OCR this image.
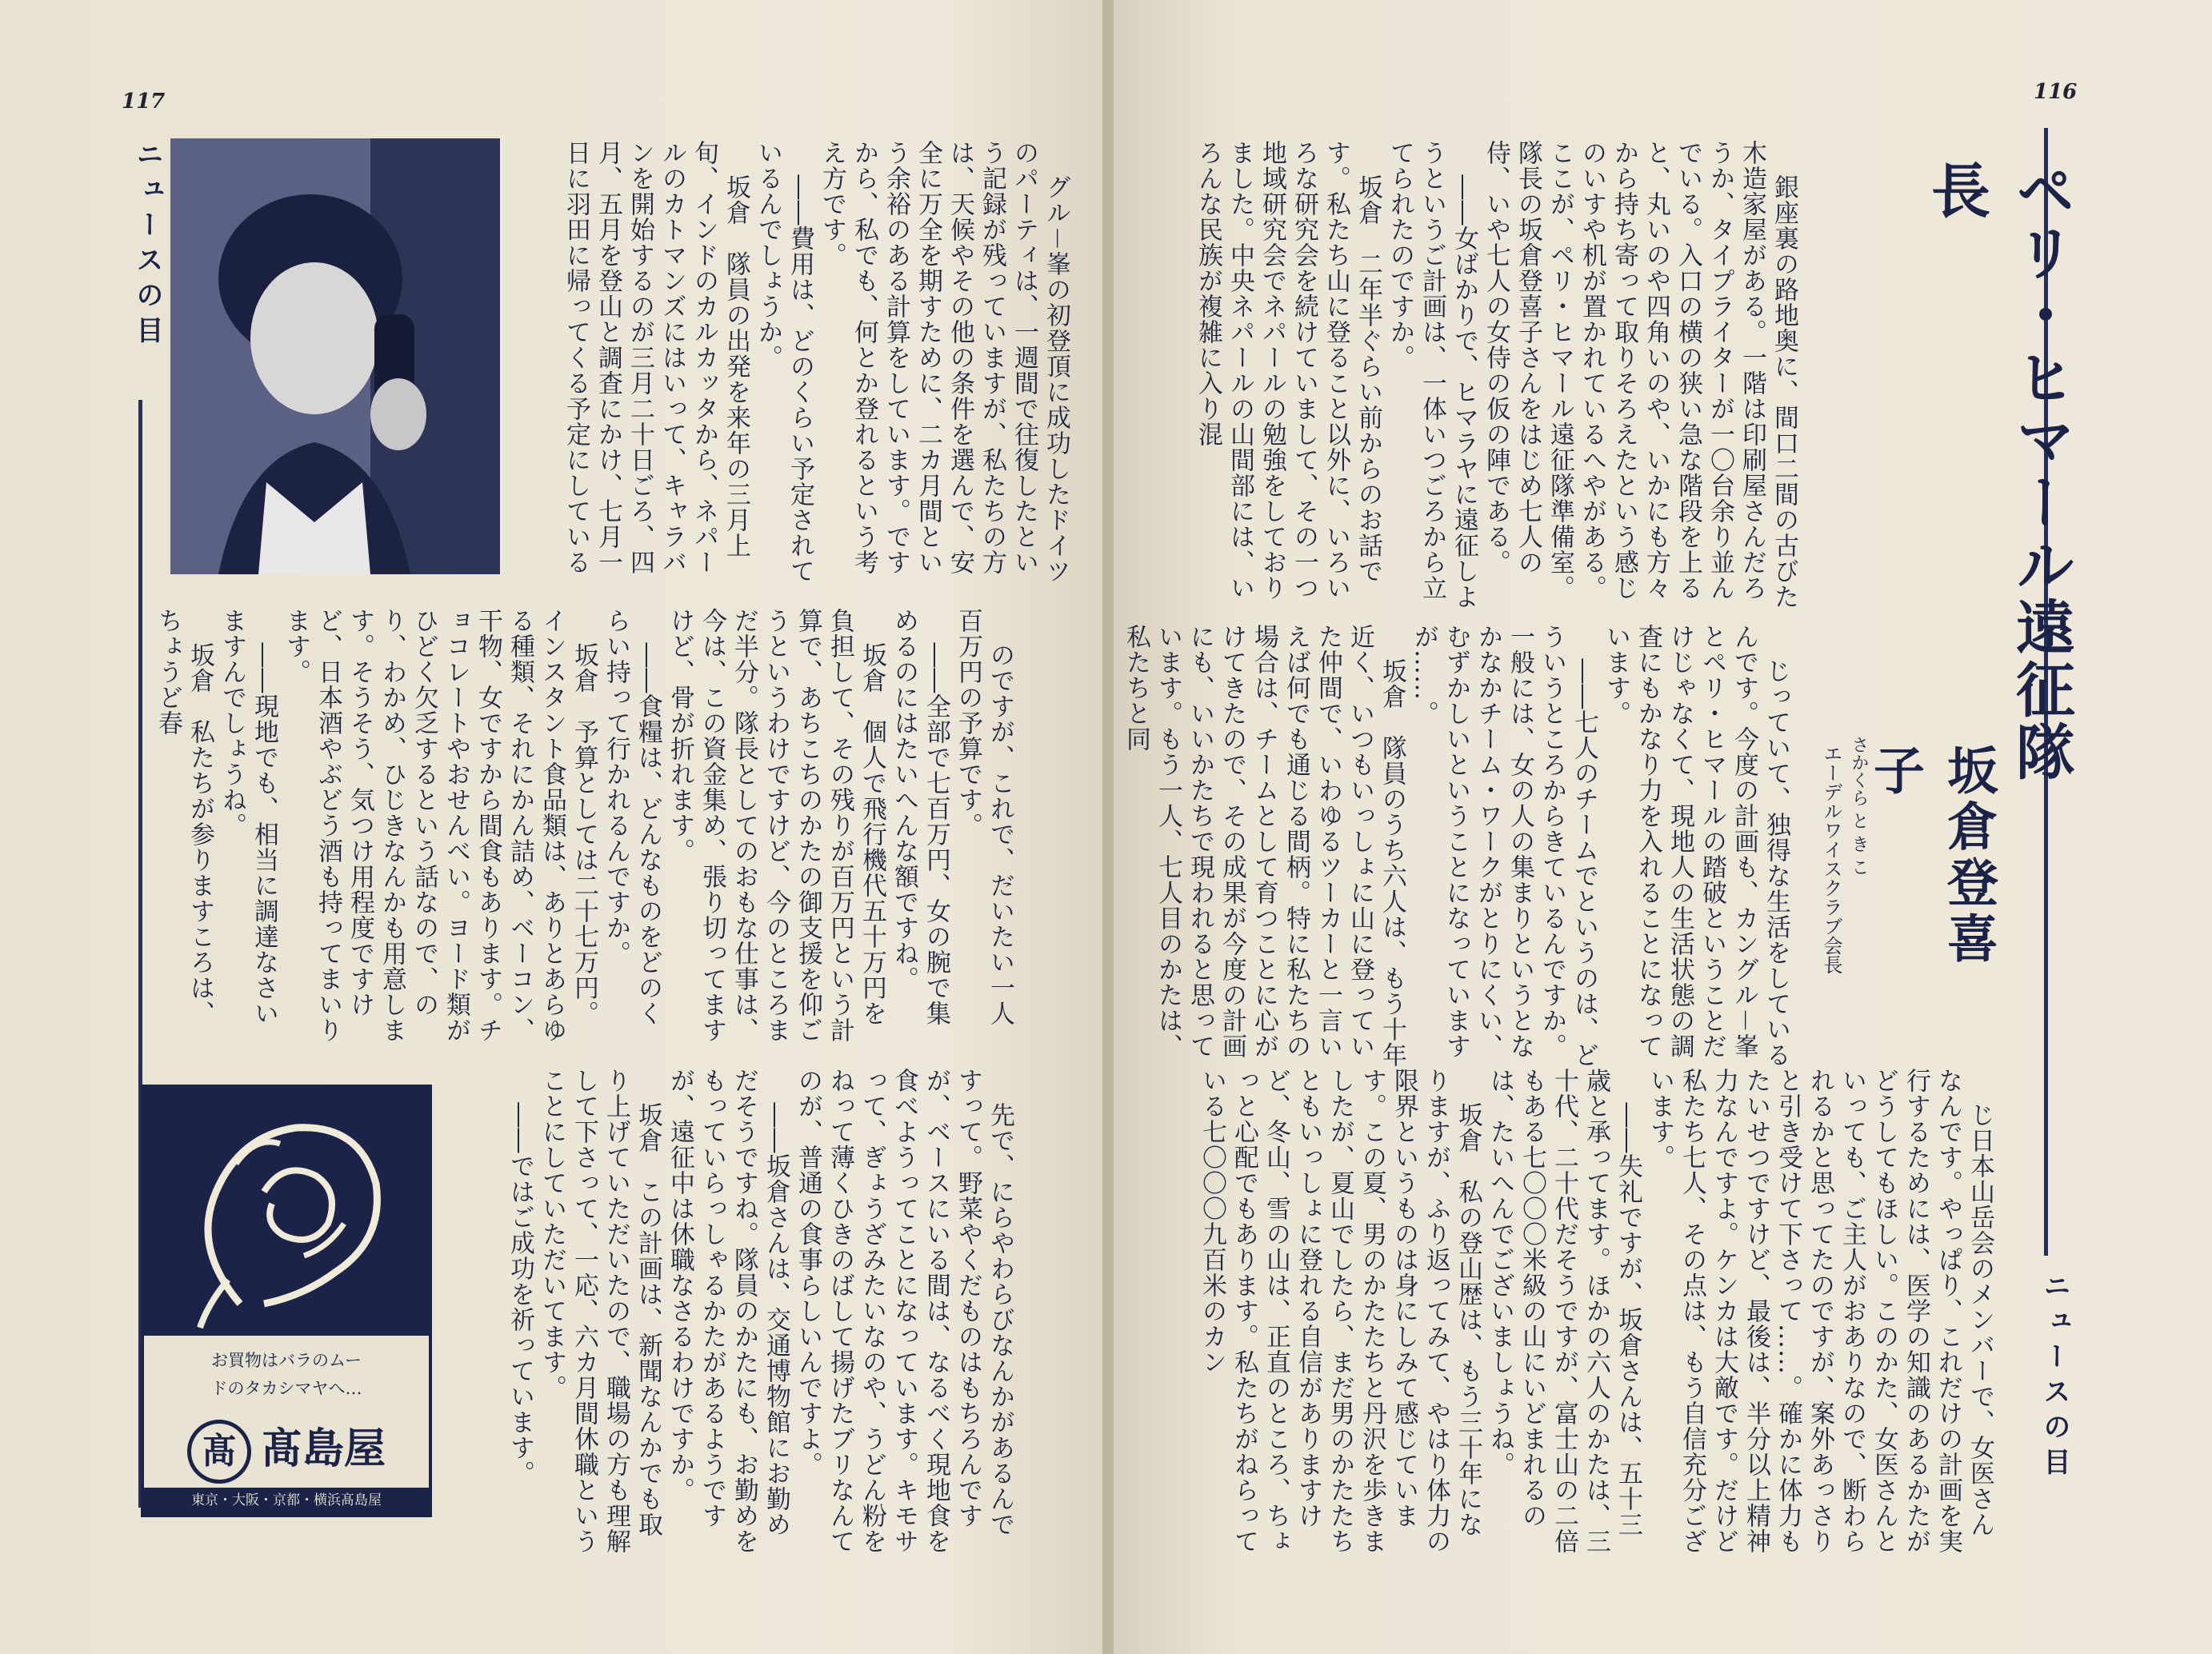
117
ニュースの目	グル－峯の初登頂に成功したドイツのパーティは、一週間で往復したという記録が残っていますが、私たちの方は、天候やその他の条件を選んで、安全に万全を期すために、二カ月間という余裕のある計算をしています。ですから、私でも、何とか登れるという考え方です。
――費用は、どのくらい予定されているんでしょうか。
坂倉　隊員の出発を来年の三月上旬、インドのカルカッタから、ネパールのカトマンズにはいって、キャラバンを開始するのが三月二十日ごろ、四月、五月を登山と調査にかけ、七月一日に羽田に帰ってくる予定にしている

のですが、これで、だいたい一人百万円の予算です。
――全部で七百万円、女の腕で集めるのにはたいへんな額ですね。
坂倉　個人で飛行機代五十万円を負担して、その残りが百万円という計算で、あちこちのかたの御支援を仰ごうというわけですけど、今のところまだ半分。隊長としてのおもな仕事は、今は、この資金集め、張り切ってますけど、骨が折れます。
――食糧は、どんなものをどのくらい持って行かれるんですか。
坂倉　予算としては二十七万円。インスタント食品類は、ありとあらゆる種類、それにかん詰め、ベーコン、干物、女ですから間食もあります。チョコレートやおせんべい。ヨード類がひどく欠乏するという話なので、のり、わかめ、ひじきなんかも用意します。そうそう、気つけ用程度ですけど、日本酒やぶどう酒も持ってまいります。
――現地でも、相当に調達なさいますんでしょうね。
坂倉　私たちが参りますころは、ちょうど春

先で、にらやわらびなんかがあるんですって。野菜やくだものはもちろんですが、ベースにいる間は、なるべく現地食を食べようってことになっています。キモサって、ぎょうざみたいなのや、うどん粉をねって薄くひきのばして揚げたブリなんてのが、普通の食事らしいんですよ。
――坂倉さんは、交通博物館にお勤めだそうですね。隊員のかたにも、お勤めをもっていらっしゃるかたがあるようですが、遠征中は休職なさるわけですか。
坂倉　この計画は、新聞なんかでも取り上げていただいたので、職場の方も理解して下さって、一応、六カ月間休職ということにしていただいてます。
――ではご成功を祈っています。

お買物はバラのムー
ドのタカシマヤへ…
髙 髙島屋
東京・大阪・京都・横浜髙島屋
116
ニュースの目
ペリ・ヒマール遠征隊長
さかくら と き こ	坂倉登喜子
エーデルワイスクラブ会長

銀座裏の路地奥に、間口二間の古びた木造家屋がある。一階は印刷屋さんだろうか、タイプライターが一〇台余り並んでいる。入口の横の狭い急な階段を上ると、丸いのや四角いのや、いかにも方々から持ち寄って取りそろえたという感じのいすや机が置かれているへやがある。ここが、ペリ・ヒマール遠征隊準備室。隊長の坂倉登喜子さんをはじめ七人の侍、いや七人の女侍の仮の陣である。
――女ばかりで、ヒマラヤに遠征しようというご計画は、一体いつごろから立てられたのですか。
坂倉　二年半ぐらい前からのお話です。私たち山に登ること以外に、いろいろな研究会を続けていまして、その一つ地域研究会でネパールの勉強をしておりました。中央ネパールの山間部には、いろんな民族が複雑に入り混

じっていて、独得な生活をしているんです。今度の計画も、カングル－峯とペリ・ヒマールの踏破ということだけじゃなくて、現地人の生活状態の調査にもかなり力を入れることになっています。
――七人のチームでというのは、どういうところからきているんですか。一般には、女の人の集まりというとなかなかチーム・ワークがとりにくい、むずかしいということになっていますが……。
坂倉　隊員のうち六人は、もう十年近く、いつもいっしょに山に登っていた仲間で、いわゆるツーカーと一言いえば何でも通じる間柄。特に私たちの場合は、チームとして育つことに心がけてきたので、その成果が今度の計画にも、いいかたちで現われると思っています。もう一人、七人目のかたは、私たちと同

じ日本山岳会のメンバーで、女医さんなんです。やっぱり、これだけの計画を実行するためには、医学の知識のあるかたがどうしてもほしい。このかた、女医さんといっても、ご主人がおありなので、断わられるかと思ってたのですが、案外あっさりと引き受けて下さって……。確かに体力もたいせつですけど、最後は、半分以上精神力なんですよ。ケンカは大敵です。だけど私たち七人、その点は、もう自信充分ございます。
――失礼ですが、坂倉さんは、五十三歳と承ってます。ほかの六人のかたは、三十代、二十代だそうですが、富士山の二倍もある七〇〇〇米級の山にいどまれるのは、たいへんでございましょうね。
坂倉　私の登山歴は、もう三十年になりますが、ふり返ってみて、やはり体力の限界というものは身にしみて感じています。この夏、男のかたたちと丹沢を歩きましたが、夏山でしたら、まだ男のかたたちともいっしょに登れる自信がありますけど、冬山、雪の山は、正直のところ、ちょっと心配でもあります。私たちがねらっている七〇〇〇九百米のカン
